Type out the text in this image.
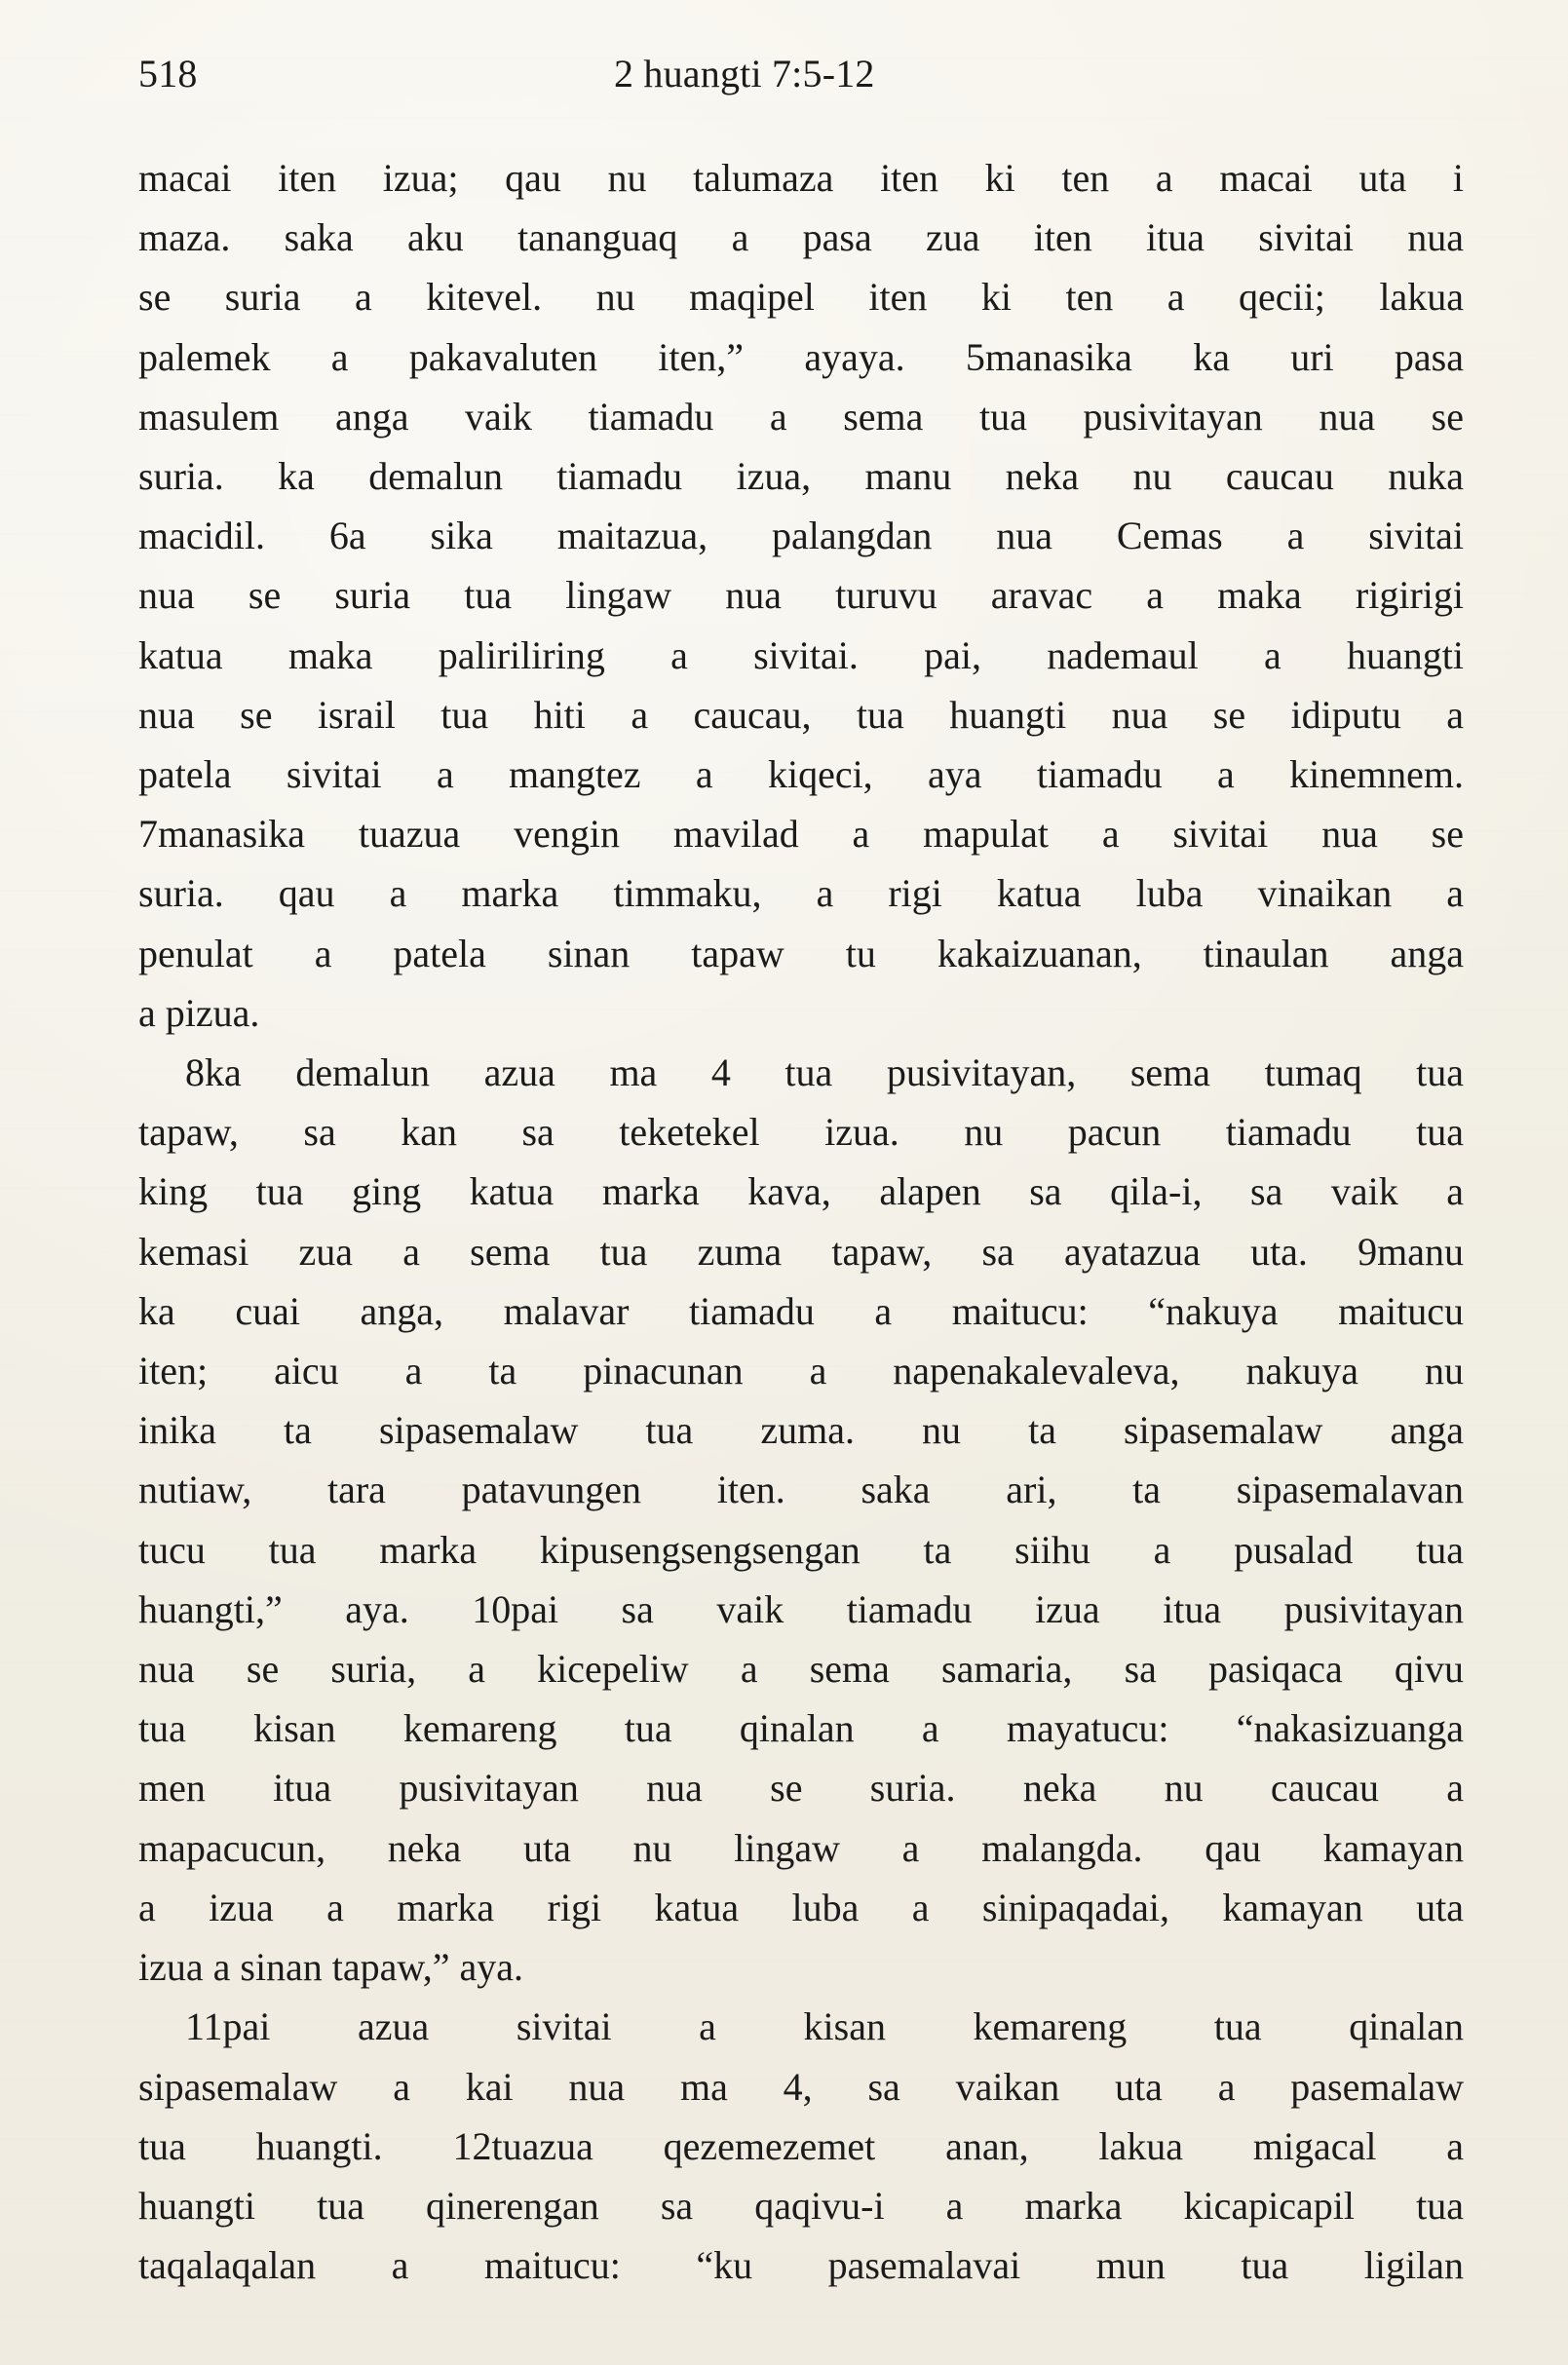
518	2 huangti 7:5-12
macai iten izua; qau nu talumaza iten ki ten a macai uta i
maza. saka aku tananguaq a pasa zua iten itua sivitai nua
se suria a kitevel. nu maqipel iten ki ten a qecii; lakua
palemek a pakavaluten iten,” ayaya. 5manasika ka uri pasa
masulem anga vaik tiamadu a sema tua pusivitayan nua se
suria. ka demalun tiamadu izua, manu neka nu caucau nuka
macidil. 6a sika maitazua, palangdan nua Cemas a sivitai
nua se suria tua lingaw nua turuvu aravac a maka rigirigi
katua maka paliriliring a sivitai. pai, nademaul a huangti
nua se israil tua hiti a caucau, tua huangti nua se idiputu a
patela sivitai a mangtez a kiqeci, aya tiamadu a kinemnem.
7manasika tuazua vengin mavilad a mapulat a sivitai nua se
suria. qau a marka timmaku, a rigi katua luba vinaikan a
penulat a patela sinan tapaw tu kakaizuanan, tinaulan anga
a pizua.
8ka demalun azua ma 4 tua pusivitayan, sema tumaq tua
tapaw, sa kan sa teketekel izua. nu pacun tiamadu tua
king tua ging katua marka kava, alapen sa qila-i, sa vaik a
kemasi zua a sema tua zuma tapaw, sa ayatazua uta. 9manu
ka cuai anga, malavar tiamadu a maitucu: “nakuya maitucu
iten; aicu a ta pinacunan a napenakalevaleva, nakuya nu
inika ta sipasemalaw tua zuma. nu ta sipasemalaw anga
nutiaw, tara patavungen iten. saka ari, ta sipasemalavan
tucu tua marka kipusengsengsengan ta siihu a pusalad tua
huangti,” aya. 10pai sa vaik tiamadu izua itua pusivitayan
nua se suria, a kicepeliw a sema samaria, sa pasiqaca qivu
tua kisan kemareng tua qinalan a mayatucu: “nakasizuanga
men itua pusivitayan nua se suria. neka nu caucau a
mapacucun, neka uta nu lingaw a malangda. qau kamayan
a izua a marka rigi katua luba a sinipaqadai, kamayan uta
izua a sinan tapaw,” aya.
11pai azua sivitai a kisan kemareng tua qinalan
sipasemalaw a kai nua ma 4, sa vaikan uta a pasemalaw
tua huangti. 12tuazua qezemezemet anan, lakua migacal a
huangti tua qinerengan sa qaqivu-i a marka kicapicapil tua
taqalaqalan a maitucu: “ku pasemalavai mun tua ligilan
